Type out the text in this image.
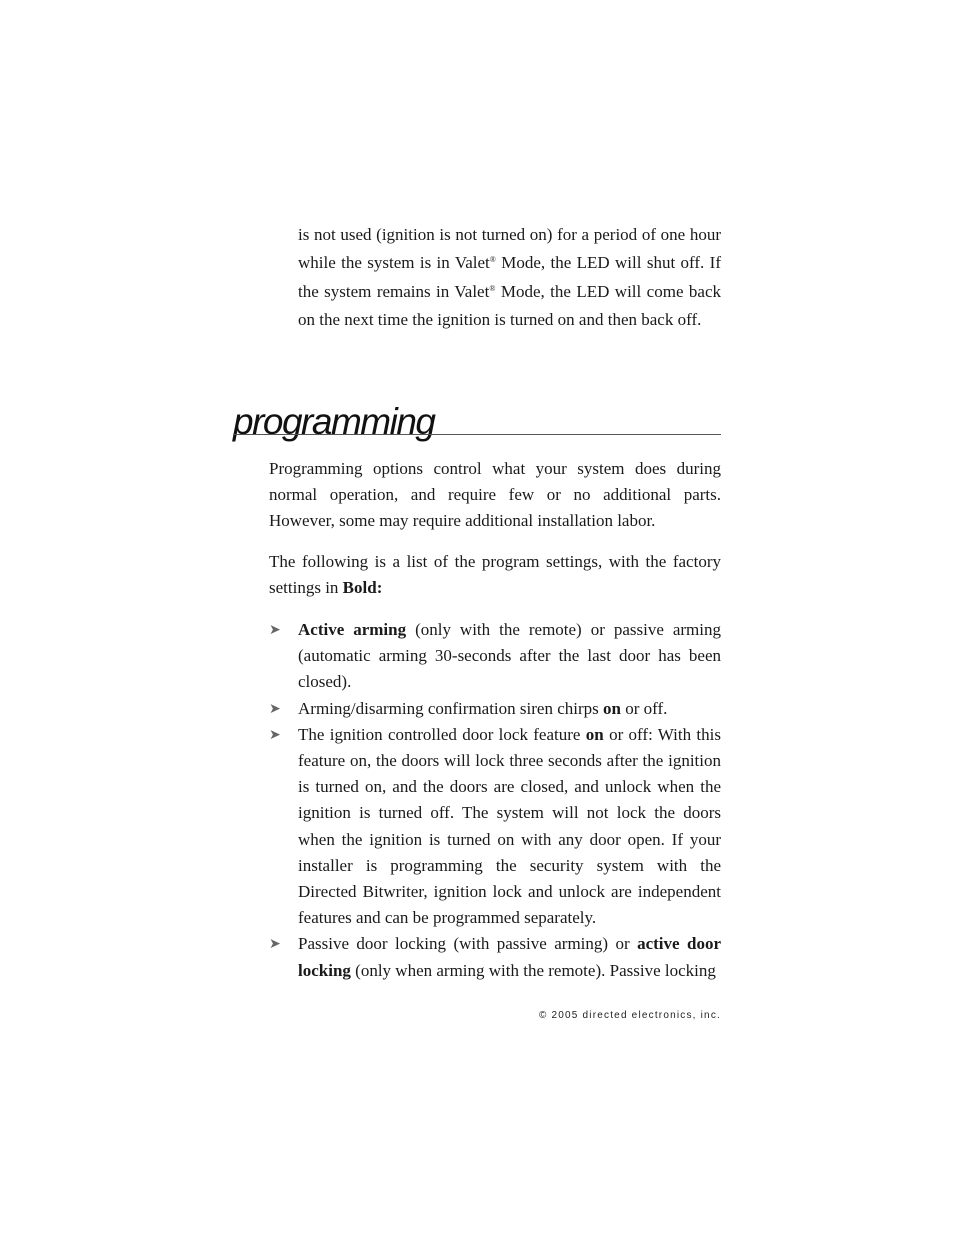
is not used (ignition is not turned on) for a period of one hour while the system is in Valet® Mode, the LED will shut off. If the system remains in Valet® Mode, the LED will come back on the next time the ignition is turned on and then back off.

programming

Programming options control what your system does during normal operation, and require few or no additional parts. However, some may require additional installation labor.

The following is a list of the program settings, with the factory settings in Bold:

➤ Active arming (only with the remote) or passive arming (automatic arming 30-seconds after the last door has been closed).
➤ Arming/disarming confirmation siren chirps on or off.
➤ The ignition controlled door lock feature on or off: With this feature on, the doors will lock three seconds after the ignition is turned on, and the doors are closed, and unlock when the ignition is turned off. The system will not lock the doors when the ignition is turned on with any door open. If your installer is programming the security system with the Directed Bitwriter, ignition lock and unlock are independent features and can be programmed separately.
➤ Passive door locking (with passive arming) or active door locking (only when arming with the remote). Passive locking

© 2005 directed electronics, inc.
